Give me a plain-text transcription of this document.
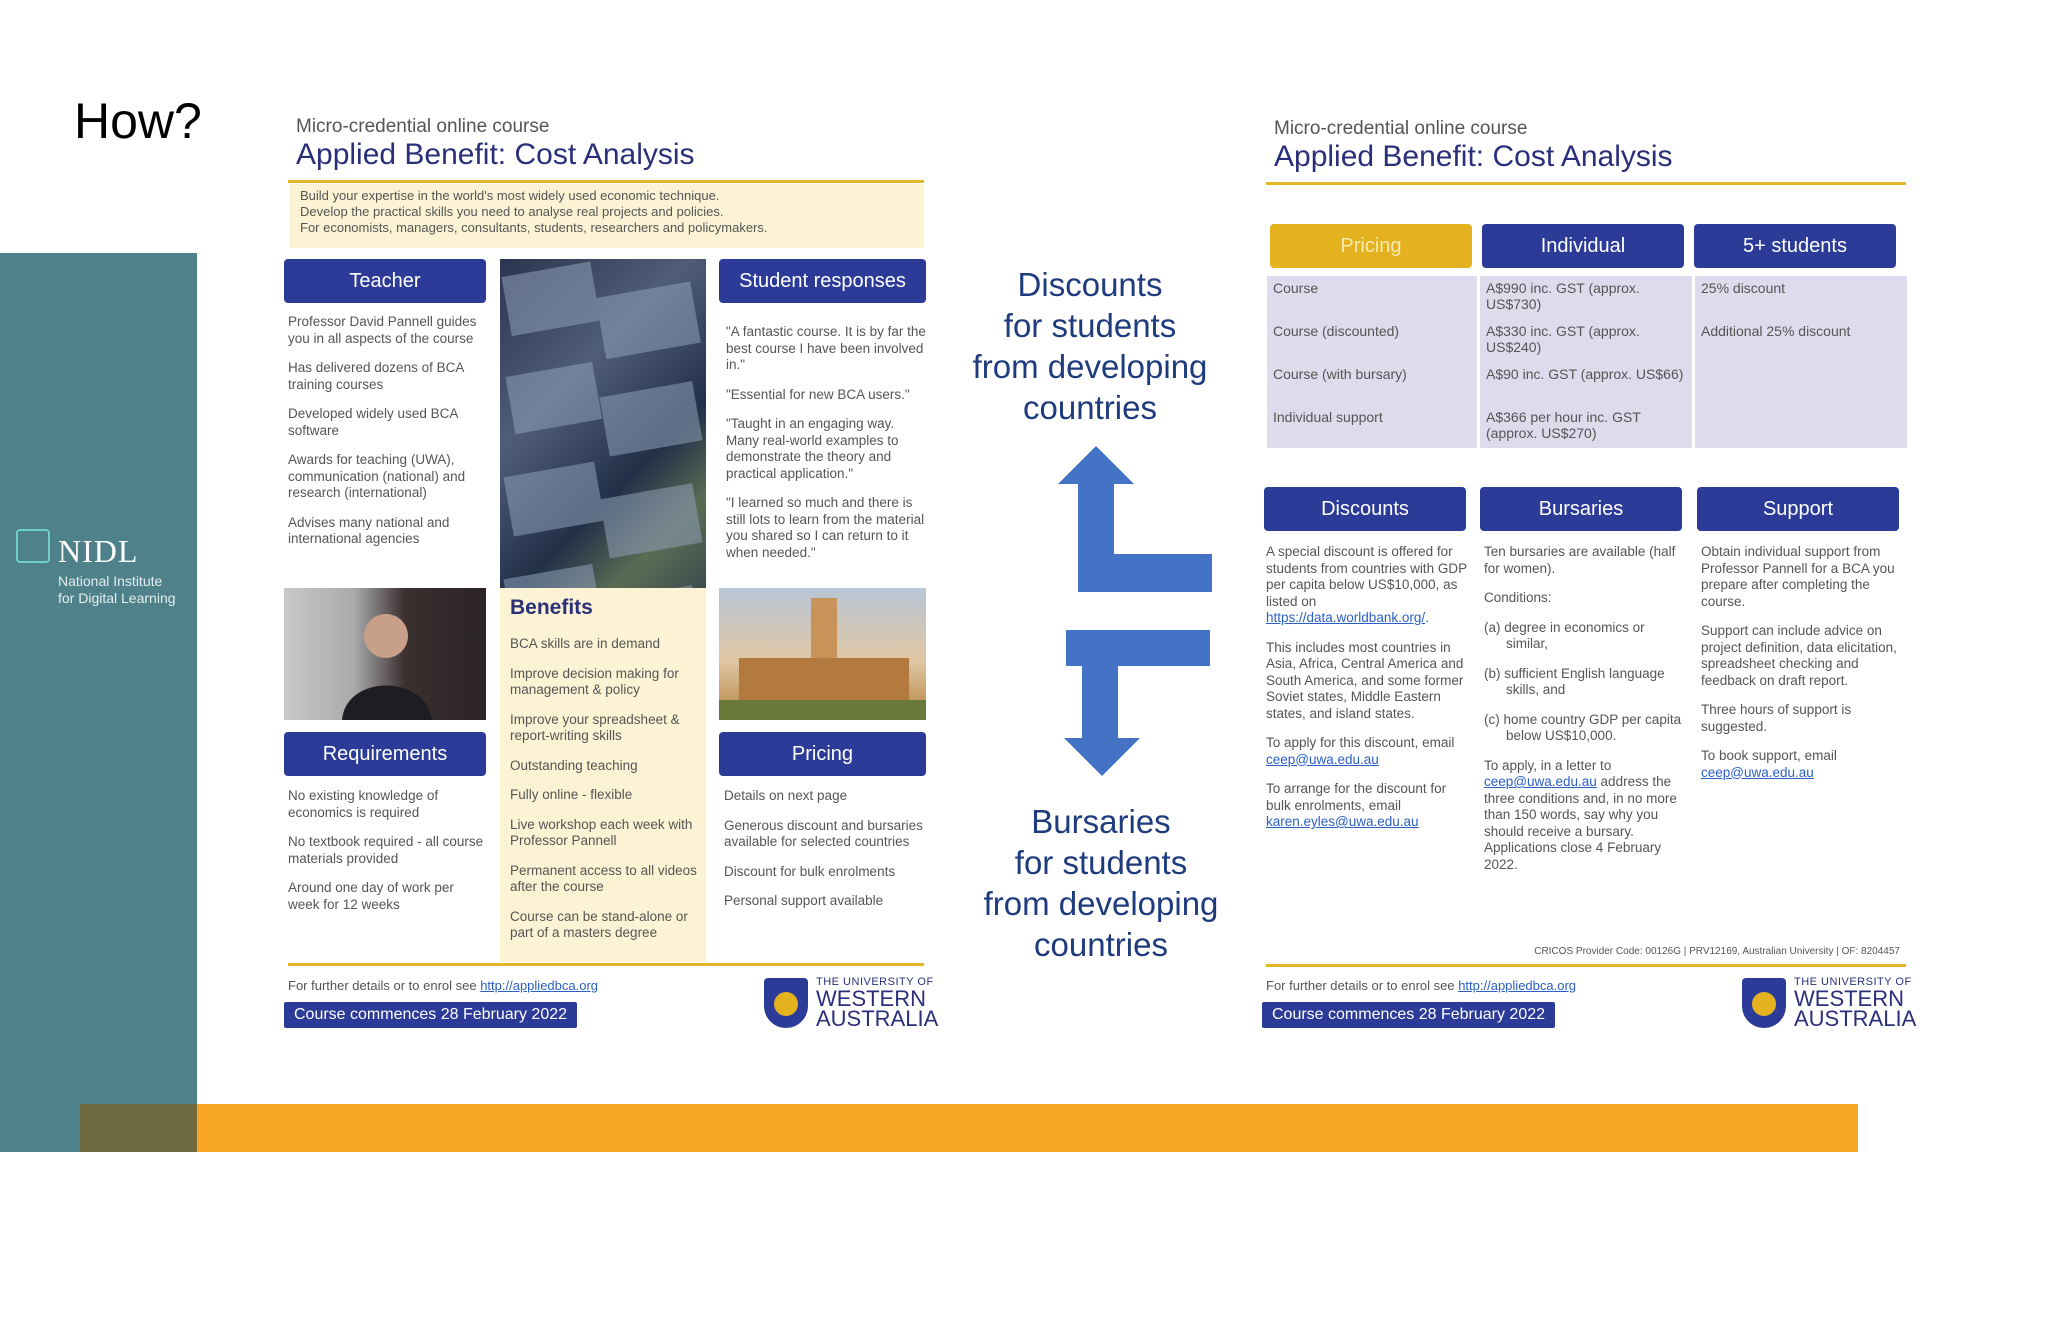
NIDL
National Institute
for Digital Learning
DCU
How?	Micro-credential online course
Applied Benefit: Cost Analysis
Build your expertise in the world's most widely used economic technique.
Develop the practical skills you need to analyse real projects and policies.
For economists, managers, consultants, students, researchers and policymakers.
Teacher

Professor David Pannell guides you in all aspects of the course

Has delivered dozens of BCA training courses

Developed widely used BCA software

Awards for teaching (UWA), communication (national) and research (international)

Advises many national and international agencies

Student responses

"A fantastic course. It is by far the best course I have been involved in."

"Essential for new BCA users."

"Taught in an engaging way. Many real-world examples to demonstrate the theory and practical application."

"I learned so much and there is still lots to learn from the material you shared so I can return to it when needed."

Benefits

BCA skills are in demand

Improve decision making for management & policy

Improve your spreadsheet & report-writing skills

Outstanding teaching

Fully online - flexible

Live workshop each week with Professor Pannell

Permanent access to all videos after the course

Course can be stand-alone or part of a masters degree

Requirements

No existing knowledge of economics is required

No textbook required - all course materials provided

Around one day of work per week for 12 weeks

Pricing

Details on next page

Generous discount and bursaries available for selected countries

Discount for bulk enrolments

Personal support available

For further details or to enrol see http://appliedbca.org
Course commences 28 February 2022
THE UNIVERSITY OF
WESTERN
AUSTRALIA
Discounts
for students
from developing
countries
Bursaries
for students
from developing
countries
Micro-credential online course
Applied Benefit: Cost Analysis
Pricing	Individual	5+ students
Course	A$990 inc. GST (approx. US$730)	25% discount
Course (discounted)	A$330 inc. GST (approx. US$240)	Additional 25% discount
Course (with bursary)	A$90 inc. GST (approx. US$66)	
Individual support	A$366 per hour inc. GST (approx. US$270)	
Discounts	Bursaries	Support

A special discount is offered for students from countries with GDP per capita below US$10,000, as listed on https://data.worldbank.org/.

This includes most countries in Asia, Africa, Central America and South America, and some former Soviet states, Middle Eastern states, and island states.

To apply for this discount, email ceep@uwa.edu.au

To arrange for the discount for bulk enrolments, email karen.eyles@uwa.edu.au

Ten bursaries are available (half for women).

Conditions:

(a) degree in economics or similar,

(b) sufficient English language skills, and

(c) home country GDP per capita below US$10,000.

To apply, in a letter to ceep@uwa.edu.au address the three conditions and, in no more than 150 words, say why you should receive a bursary. Applications close 4 February 2022.

Obtain individual support from Professor Pannell for a BCA you prepare after completing the course.

Support can include advice on project definition, data elicitation, spreadsheet checking and feedback on draft report.

Three hours of support is suggested.

To book support, email ceep@uwa.edu.au

CRICOS Provider Code: 00126G | PRV12169, Australian University | OF: 8204457
For further details or to enrol see http://appliedbca.org
Course commences 28 February 2022
THE UNIVERSITY OF
WESTERN
AUSTRALIA
